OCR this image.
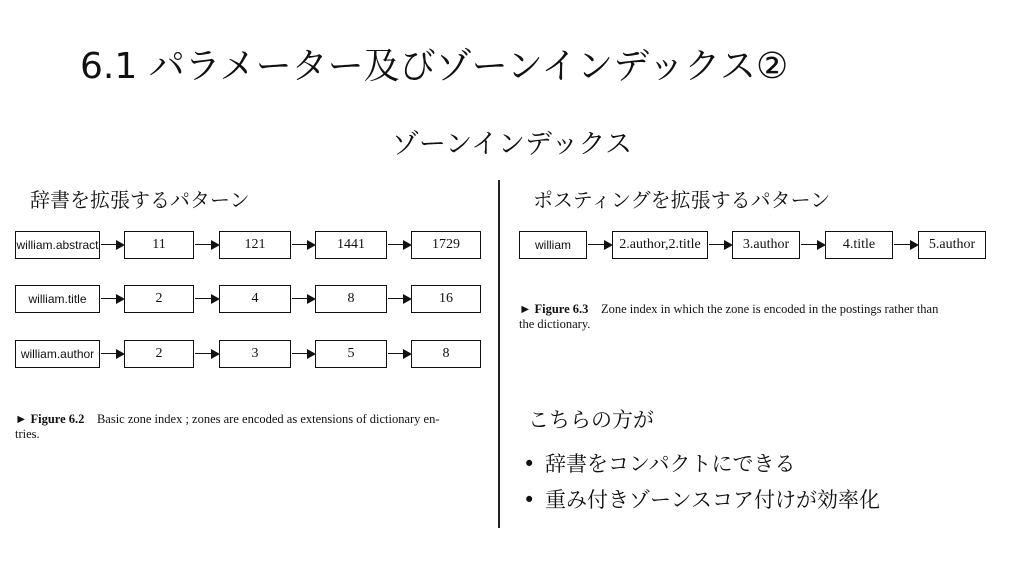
6.1 パラメーター及びゾーンインデックス②
ゾーンインデックス
辞書を拡張するパターン	ポスティングを拡張するパターン
william.abstract	11	121	1441	1729
william.title	2	4	8	16
william.author	2	3	5	8
► Figure 6.2 Basic zone index ; zones are encoded as extensions of dictionary en-
tries.
william	2.author,2.title	3.author	4.title	5.author
► Figure 6.3 Zone index in which the zone is encoded in the postings rather than
the dictionary.
こちらの方が
• 辞書をコンパクトにできる
• 重み付きゾーンスコア付けが効率化
